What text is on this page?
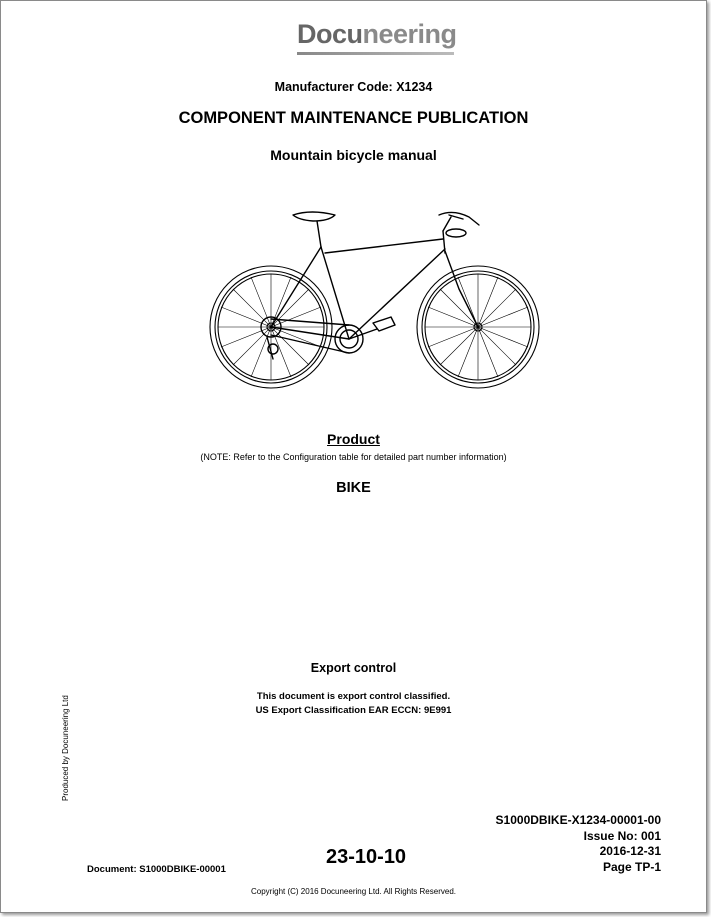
Docuneering
Manufacturer Code: X1234
COMPONENT MAINTENANCE PUBLICATION
Mountain bicycle manual
Product
(NOTE: Refer to the Configuration table for detailed part number information)
BIKE
Export control
This document is export control classified.
US Export Classification EAR ECCN: 9E991
Produced by Docuneering Ltd
S1000DBIKE-X1234-00001-00
Issue No: 001
2016-12-31
Page TP-1
Document: S1000DBIKE-00001
23-10-10
Copyright (C) 2016 Docuneering Ltd. All Rights Reserved.
